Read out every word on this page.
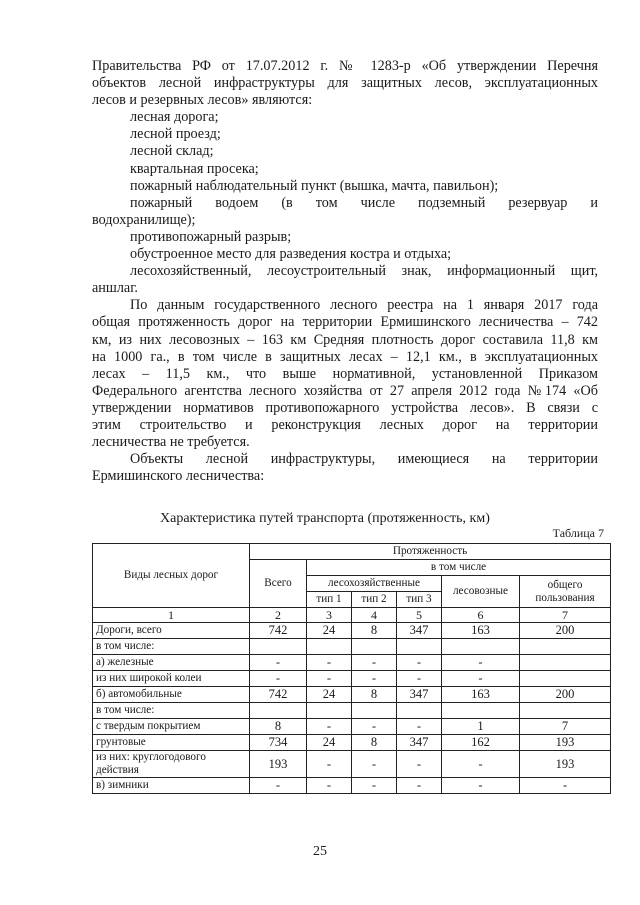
Правительства РФ от 17.07.2012 г. № 1283-р «Об утверждении Перечня

объектов лесной инфраструктуры для защитных лесов, эксплуатационных

лесов и резервных лесов» являются:

лесная дорога;

лесной проезд;

лесной склад;

квартальная просека;

пожарный наблюдательный пункт (вышка, мачта, павильон);

пожарный водоем (в том числе подземный резервуар и

водохранилище);

противопожарный разрыв;

обустроенное место для разведения костра и отдыха;

лесохозяйственный, лесоустроительный знак, информационный щит,

аншлаг.

По данным государственного лесного реестра на 1 января 2017 года

общая протяженность дорог на территории Ермишинского лесничества – 742

км, из них лесовозных – 163 км Средняя плотность дорог составила 11,8 км

на 1000 га., в том числе в защитных лесах – 12,1 км., в эксплуатационных

лесах – 11,5 км., что выше нормативной, установленной Приказом

Федерального агентства лесного хозяйства от 27 апреля 2012 года №174 «Об

утверждении нормативов противопожарного устройства лесов». В связи с

этим строительство и реконструкция лесных дорог на территории

лесничества не требуется.

Объекты лесной инфраструктуры, имеющиеся на территории

Ермишинского лесничества:

Характеристика путей транспорта (протяженность, км)
Таблица 7
Виды лесных дорог	Протяженность					
	Всего	в том числе				
		лесохозяйственные			лесовозные	общего пользования
		тип 1	тип 2	тип 3		
1	2	3	4	5	6	7
Дороги, всего	742	24	8	347	163	200
в том числе:						
а) железные	-	-	-	-	-	
из них широкой колеи	-	-	-	-	-	
б) автомобильные	742	24	8	347	163	200
в том числе:						
с твердым покрытием	8	-	-	-	1	7
грунтовые	734	24	8	347	162	193
из них: круглогодового действия	193	-	-	-	-	193
в) зимники	-	-	-	-	-	-
25
